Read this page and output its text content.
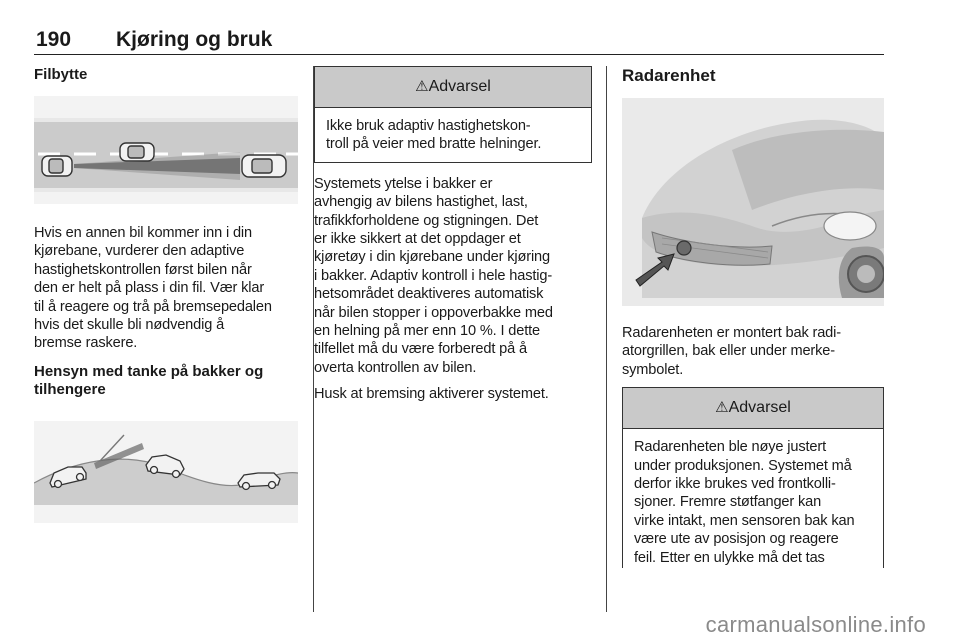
190 Kjøring og bruk

Filbytte

Hvis en annen bil kommer inn i din

kjørebane, vurderer den adaptive

hastighetskontrollen først bilen når

den er helt på plass i din fil. Vær klar

til å reagere og trå på bremsepedalen

hvis det skulle bli nødvendig å

bremse raskere.

Hensyn med tanke på bakker og

tilhengere

⚠Advarsel
Ikke bruk adaptiv hastighetskon-
troll på veier med bratte helninger.

Systemets ytelse i bakker er

avhengig av bilens hastighet, last,

trafikkforholdene og stigningen. Det

er ikke sikkert at det oppdager et

kjøretøy i din kjørebane under kjøring

i bakker. Adaptiv kontroll i hele hastig-

hetsområdet deaktiveres automatisk

når bilen stopper i oppoverbakke med

en helning på mer enn 10 %. I dette

tilfellet må du være forberedt på å

overta kontrollen av bilen.

Husk at bremsing aktiverer systemet.

Radarenhet

Radarenheten er montert bak radi-

atorgrillen, bak eller under merke-

symbolet.

⚠Advarsel
Radarenheten ble nøye justert
under produksjonen. Systemet må
derfor ikke brukes ved frontkolli-
sjoner. Fremre støtfanger kan
virke intakt, men sensoren bak kan
være ute av posisjon og reagere
feil. Etter en ulykke må det tas
carmanualsonline.info
